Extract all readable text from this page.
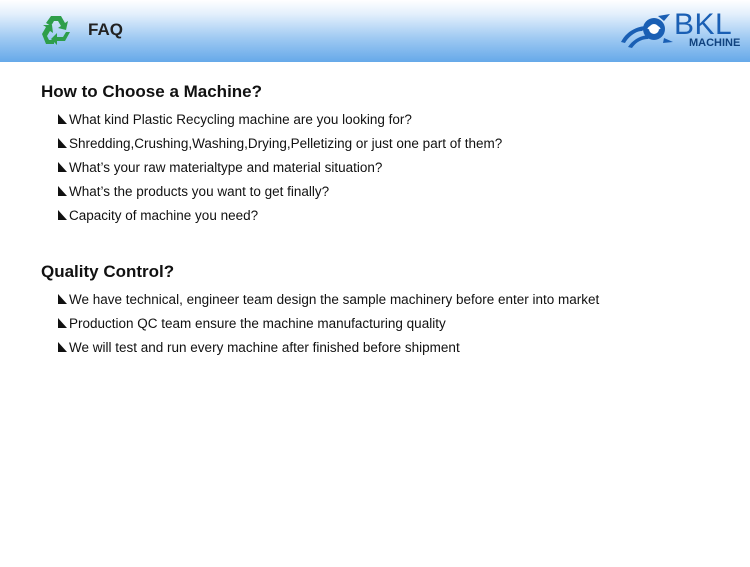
FAQ	BKL
MACHINE
How to Choose a Machine?
What kind Plastic Recycling machine are you looking for?
Shredding,Crushing,Washing,Drying,Pelletizing or just one part of them?
What’s your raw materialtype and material situation?
What’s the products you want to get finally?
Capacity of machine you need?
Quality Control?
We have technical, engineer team design the sample machinery before enter into market
Production QC team ensure the machine manufacturing quality
We will test and run every machine after finished before shipment
